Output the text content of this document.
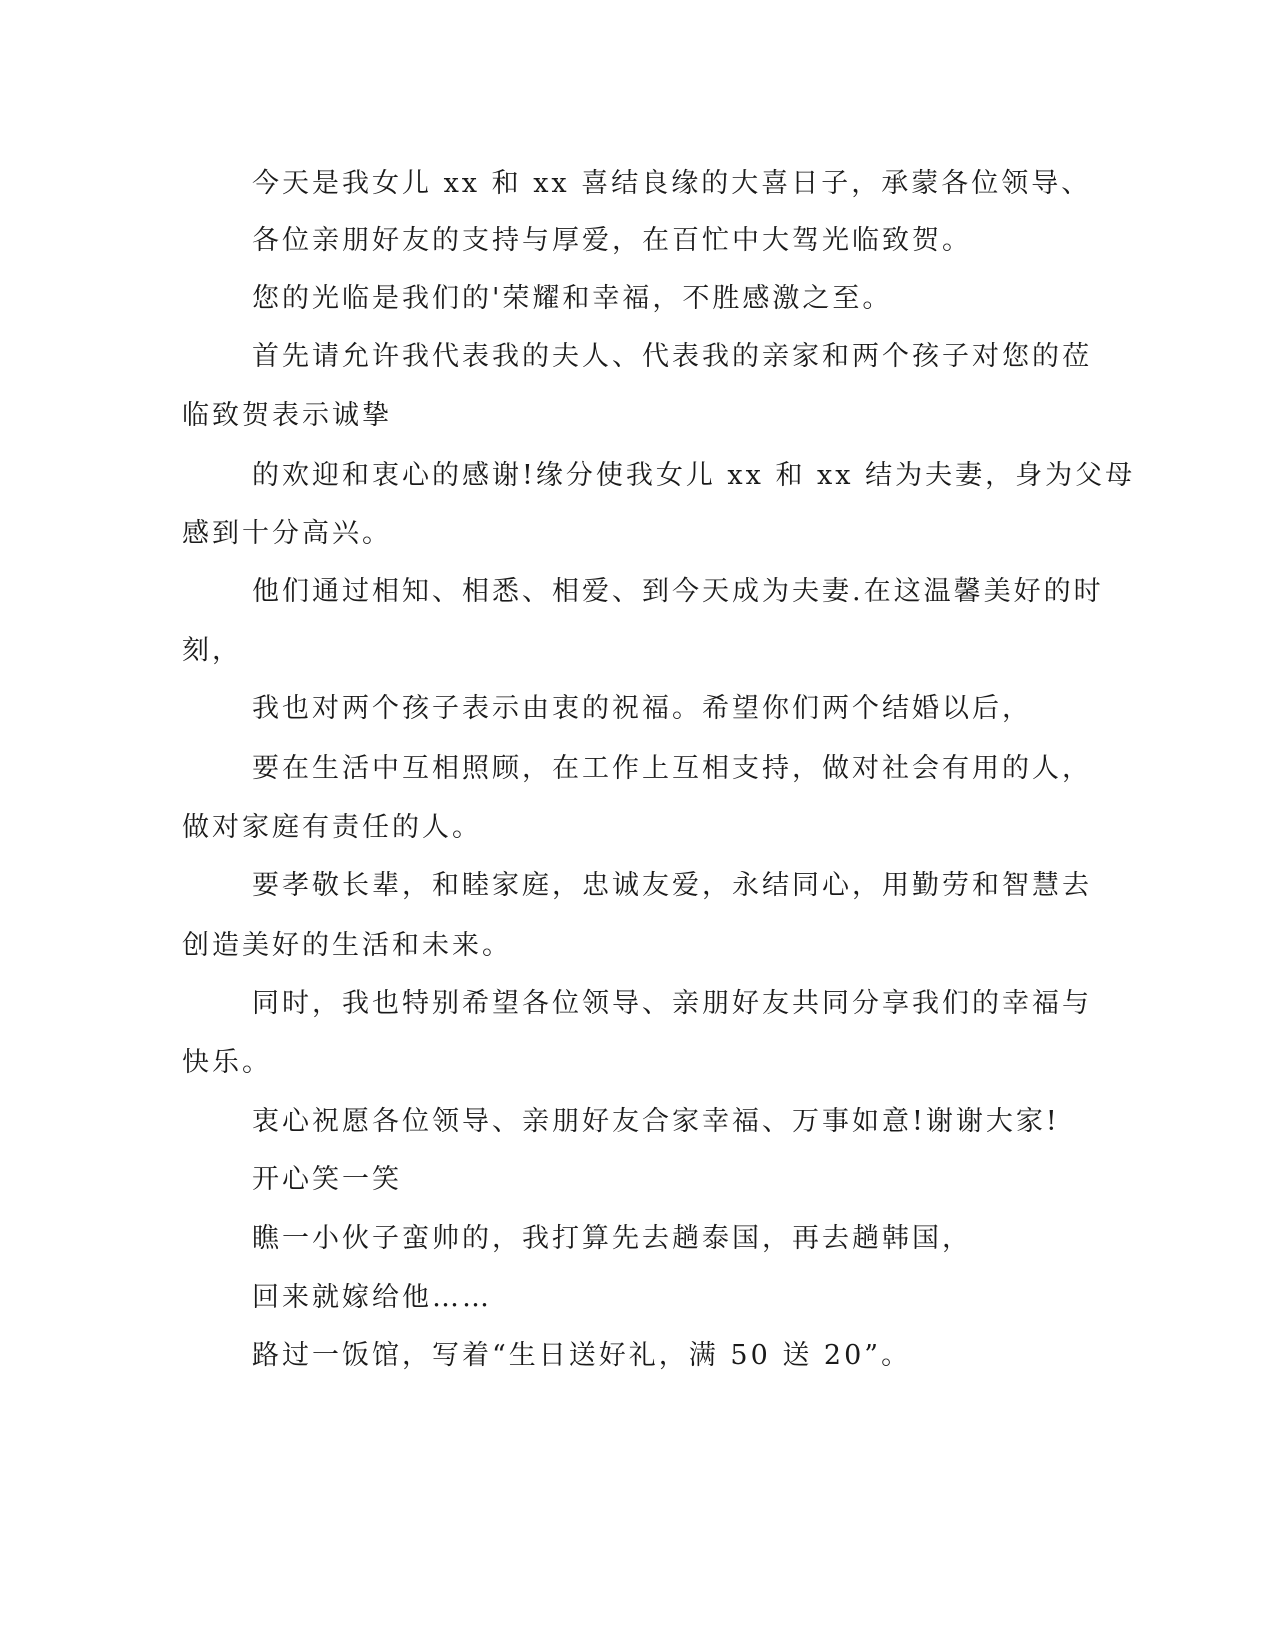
今天是我女儿 xx 和 xx 喜结良缘的大喜日子，承蒙各位领导、
各位亲朋好友的支持与厚爱，在百忙中大驾光临致贺。
您的光临是我们的'荣耀和幸福，不胜感激之至。
首先请允许我代表我的夫人、代表我的亲家和两个孩子对您的莅
临致贺表示诚挚
的欢迎和衷心的感谢!缘分使我女儿 xx 和 xx 结为夫妻，身为父母
感到十分高兴。
他们通过相知、相悉、相爱、到今天成为夫妻.在这温馨美好的时
刻，
我也对两个孩子表示由衷的祝福。希望你们两个结婚以后，
要在生活中互相照顾，在工作上互相支持，做对社会有用的人，
做对家庭有责任的人。
要孝敬长辈，和睦家庭，忠诚友爱，永结同心，用勤劳和智慧去
创造美好的生活和未来。
同时，我也特别希望各位领导、亲朋好友共同分享我们的幸福与
快乐。
衷心祝愿各位领导、亲朋好友合家幸福、万事如意!谢谢大家!
开心笑一笑
瞧一小伙子蛮帅的，我打算先去趟泰国，再去趟韩国，
回来就嫁给他……
路过一饭馆，写着“生日送好礼，满 50 送 20”。
